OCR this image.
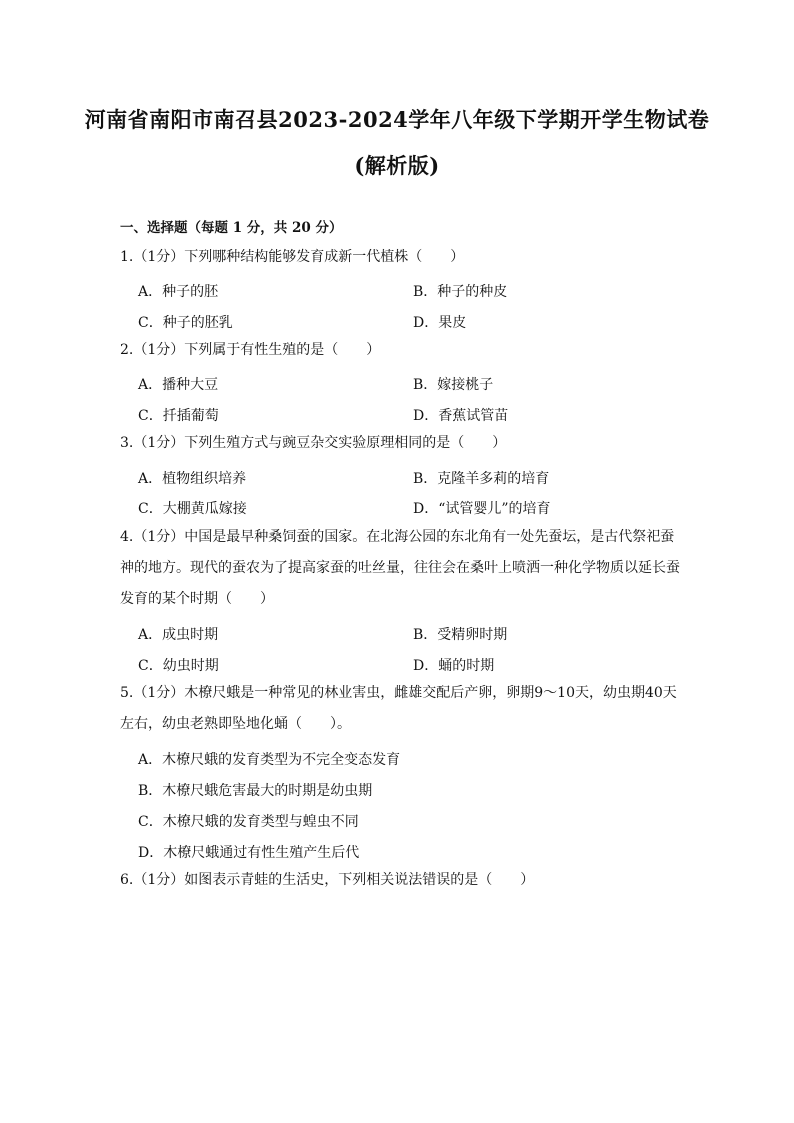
河南省南阳市南召县2023-2024学年八年级下学期开学生物试卷
(解析版)
一、选择题（每题 1 分，共 20 分）
1.（1分）下列哪种结构能够发育成新一代植株（　　）
A．种子的胚	B．种子的种皮
C．种子的胚乳	D．果皮
2.（1分）下列属于有性生殖的是（　　）
A．播种大豆	B．嫁接桃子
C．扦插葡萄	D．香蕉试管苗
3.（1分）下列生殖方式与豌豆杂交实验原理相同的是（　　）
A．植物组织培养	B．克隆羊多莉的培育
C．大棚黄瓜嫁接	D．“试管婴儿”的培育
4.（1分）中国是最早种桑饲蚕的国家。在北海公园的东北角有一处先蚕坛，是古代祭祀蚕神的地方。现代的蚕农为了提高家蚕的吐丝量，往往会在桑叶上喷洒一种化学物质以延长蚕发育的某个时期（　　）
A．成虫时期	B．受精卵时期
C．幼虫时期	D．蛹的时期
5.（1分）木橑尺蛾是一种常见的林业害虫，雌雄交配后产卵，卵期9～10天，幼虫期40天左右，幼虫老熟即坠地化蛹（　　）。
A．木橑尺蛾的发育类型为不完全变态发育
B．木橑尺蛾危害最大的时期是幼虫期
C．木橑尺蛾的发育类型与蝗虫不同
D．木橑尺蛾通过有性生殖产生后代
6.（1分）如图表示青蛙的生活史，下列相关说法错误的是（　　）
